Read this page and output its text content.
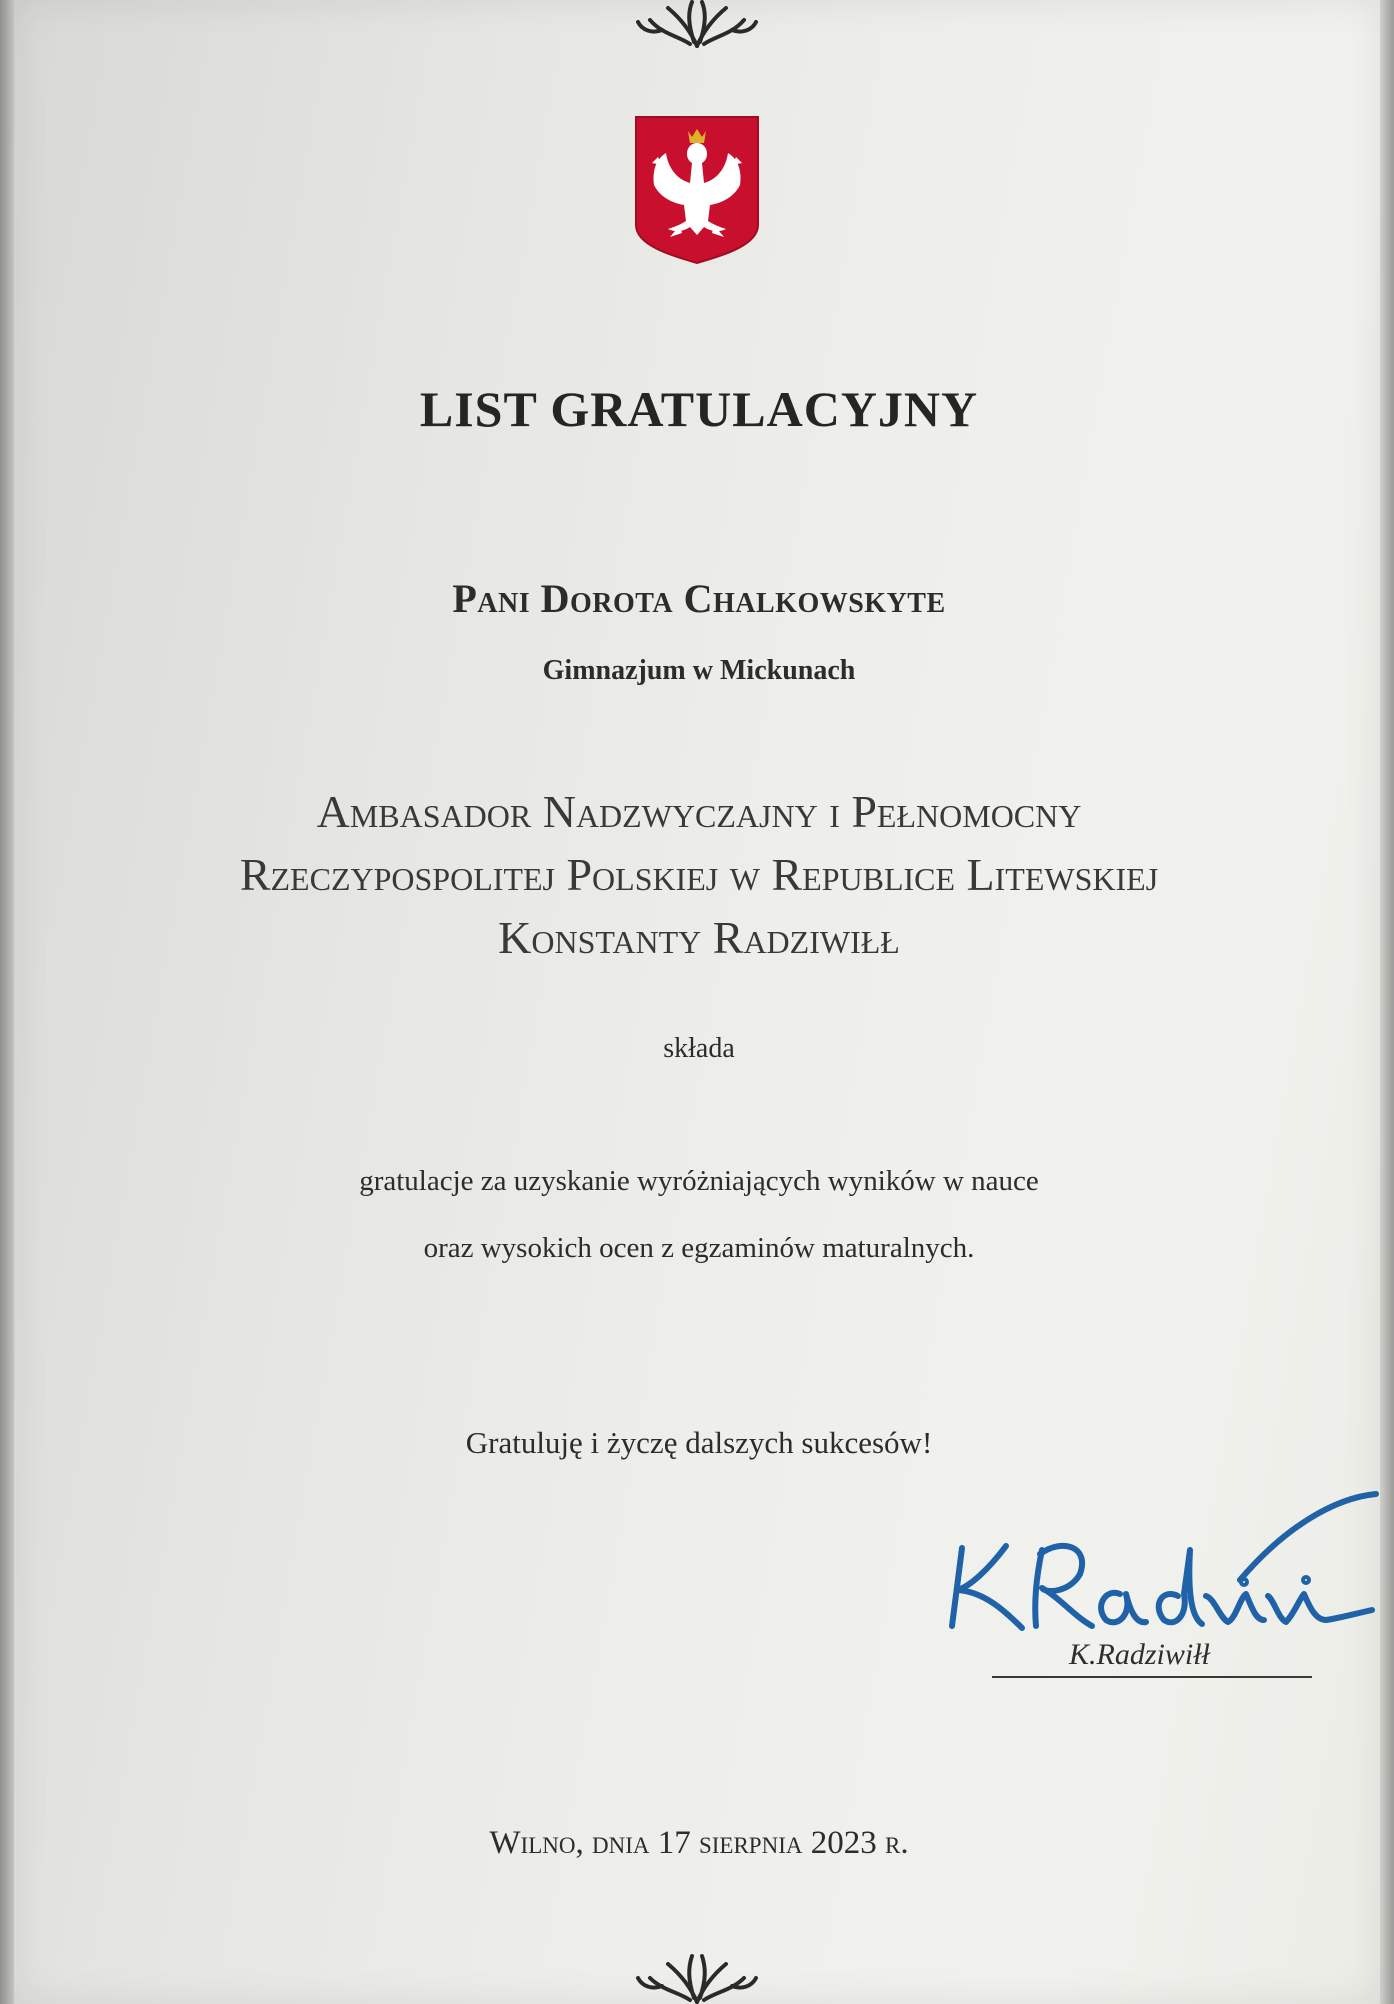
LIST GRATULACYJNY

Pani Dorota Chalkowskyte

Gimnazjum w Mickunach

Ambasador Nadzwyczajny i Pełnomocny

Rzeczypospolitej Polskiej w Republice Litewskiej

Konstanty Radziwiłł

składa

gratulacje za uzyskanie wyróżniających wyników w nauce

oraz wysokich ocen z egzaminów maturalnych.

Gratuluję i życzę dalszych sukcesów!

K.Radziwiłł

Wilno, dnia 17 sierpnia 2023 r.
